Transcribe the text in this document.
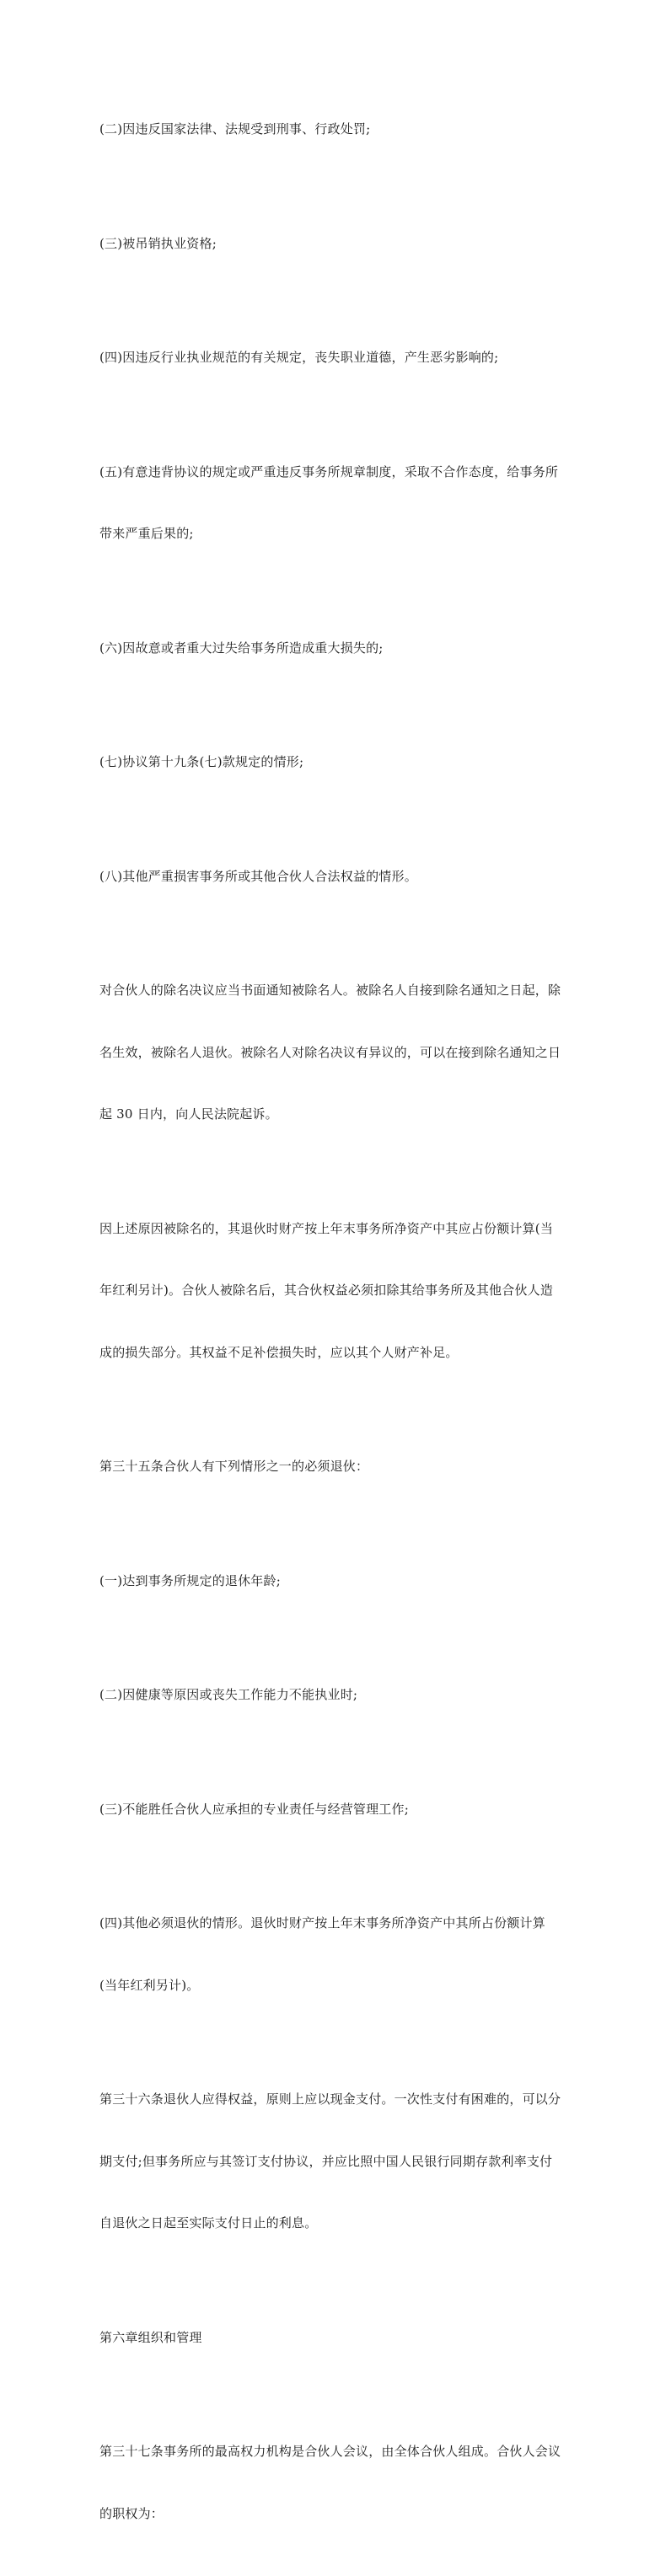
(二)因违反国家法律、法规受到刑事、行政处罚;

(三)被吊销执业资格;

(四)因违反行业执业规范的有关规定，丧失职业道德，产生恶劣影响的;

(五)有意违背协议的规定或严重违反事务所规章制度，采取不合作态度，给事务所

带来严重后果的;

(六)因故意或者重大过失给事务所造成重大损失的;

(七)协议第十九条(七)款规定的情形;

(八)其他严重损害事务所或其他合伙人合法权益的情形。

对合伙人的除名决议应当书面通知被除名人。被除名人自接到除名通知之日起，除

名生效，被除名人退伙。被除名人对除名决议有异议的，可以在接到除名通知之日

起 30 日内，向人民法院起诉。

因上述原因被除名的，其退伙时财产按上年末事务所净资产中其应占份额计算(当

年红利另计)。合伙人被除名后，其合伙权益必须扣除其给事务所及其他合伙人造

成的损失部分。其权益不足补偿损失时，应以其个人财产补足。

第三十五条合伙人有下列情形之一的必须退伙：

(一)达到事务所规定的退休年龄;

(二)因健康等原因或丧失工作能力不能执业时;

(三)不能胜任合伙人应承担的专业责任与经营管理工作;

(四)其他必须退伙的情形。退伙时财产按上年末事务所净资产中其所占份额计算

(当年红利另计)。

第三十六条退伙人应得权益，原则上应以现金支付。一次性支付有困难的，可以分

期支付;但事务所应与其签订支付协议，并应比照中国人民银行同期存款利率支付

自退伙之日起至实际支付日止的利息。

第六章组织和管理

第三十七条事务所的最高权力机构是合伙人会议，由全体合伙人组成。合伙人会议

的职权为：
